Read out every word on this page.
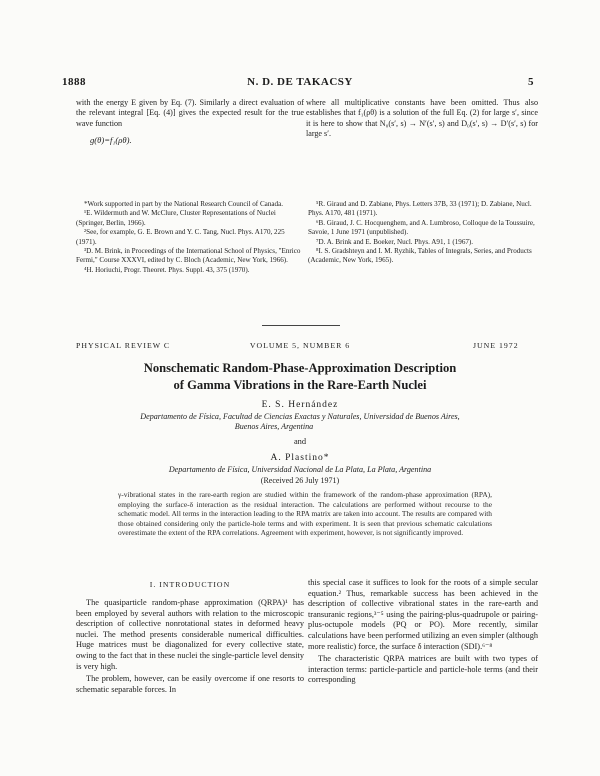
1888	N. D. DE TAKACSY	5

with the energy E given by Eq. (7). Similarly a direct evaluation of the relevant integral [Eq. (4)] gives the expected result for the true wave function

g(θ)=f₁(ρθ).

where all multiplicative constants have been omitted. Thus also establishes that f₁(ρθ) is a solution of the full Eq. (2) for large s′, since it is here to show that N₀(s′, s) → N′(s′, s) and D₀(s′, s) → D′(s′, s) for large s′.

*Work supported in part by the National Research Council of Canada.

¹E. Wildermuth and W. McClure, Cluster Representations of Nuclei (Springer, Berlin, 1966).

²See, for example, G. E. Brown and Y. C. Tang, Nucl. Phys. A170, 225 (1971).

³D. M. Brink, in Proceedings of the International School of Physics, "Enrico Fermi," Course XXXVI, edited by C. Bloch (Academic, New York, 1966).

⁴H. Horiuchi, Progr. Theoret. Phys. Suppl. 43, 375 (1970).

⁵R. Giraud and D. Zabiane, Phys. Letters 37B, 33 (1971); D. Zabiane, Nucl. Phys. A170, 481 (1971).

⁶B. Giraud, J. C. Hocquenghem, and A. Lumbroso, Colloque de la Toussuire, Savoie, 1 June 1971 (unpublished).

⁷D. A. Brink and E. Boeker, Nucl. Phys. A91, 1 (1967).

⁸I. S. Gradshteyn and I. M. Ryzhik, Tables of Integrals, Series, and Products (Academic, New York, 1965).

PHYSICAL REVIEW C	VOLUME 5, NUMBER 6	JUNE 1972
Nonschematic Random-Phase-Approximation Description
of Gamma Vibrations in the Rare-Earth Nuclei
E. S. Hernández
Departamento de Física, Facultad de Ciencias Exactas y Naturales, Universidad de Buenos Aires,
Buenos Aires, Argentina
and
A. Plastino*
Departamento de Física, Universidad Nacional de La Plata, La Plata, Argentina
(Received 26 July 1971)
γ-vibrational states in the rare-earth region are studied within the framework of the random-phase approximation (RPA), employing the surface-δ interaction as the residual interaction. The calculations are performed without recourse to the schematic model. All terms in the interaction leading to the RPA matrix are taken into account. The results are compared with those obtained considering only the particle-hole terms and with experiment. It is seen that previous schematic calculations overestimate the extent of the RPA correlations. Agreement with experiment, however, is not significantly improved.
I. INTRODUCTION

The quasiparticle random-phase approximation (QRPA)¹ has been employed by several authors with relation to the microscopic description of collective nonrotational states in deformed heavy nuclei. The method presents considerable numerical difficulties. Huge matrices must be diagonalized for every collective state, owing to the fact that in these nuclei the single-particle level density is very high.

The problem, however, can be easily overcome if one resorts to schematic separable forces. In

this special case it suffices to look for the roots of a simple secular equation.² Thus, remarkable success has been achieved in the description of collective vibrational states in the rare-earth and transuranic regions,³⁻⁵ using the pairing-plus-quadrupole or pairing-plus-octupole models (PQ or PO). More recently, similar calculations have been performed utilizing an even simpler (although more realistic) force, the surface δ interaction (SDI).⁶⁻⁸

The characteristic QRPA matrices are built with two types of interaction terms: particle-particle and particle-hole terms (and their corresponding
